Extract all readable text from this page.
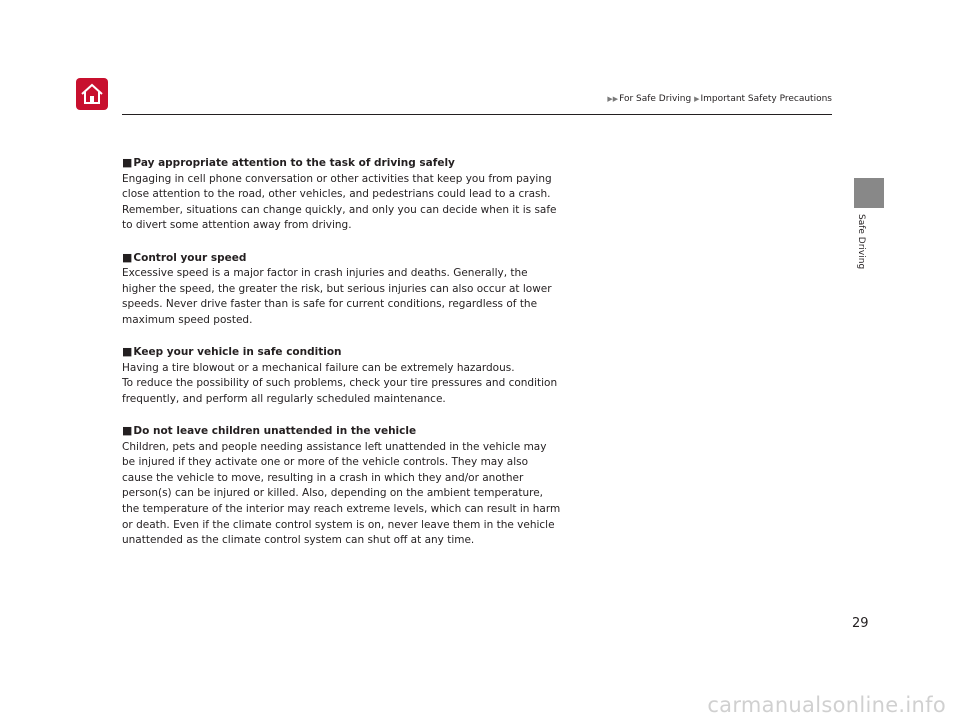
▶▶For Safe Driving ▶Important Safety Precautions
Safe Driving
■Pay appropriate attention to the task of driving safely

Engaging in cell phone conversation or other activities that keep you from paying close attention to the road, other vehicles, and pedestrians could lead to a crash. Remember, situations can change quickly, and only you can decide when it is safe to divert some attention away from driving.

■Control your speed

Excessive speed is a major factor in crash injuries and deaths. Generally, the higher the speed, the greater the risk, but serious injuries can also occur at lower speeds. Never drive faster than is safe for current conditions, regardless of the maximum speed posted.

■Keep your vehicle in safe condition

Having a tire blowout or a mechanical failure can be extremely hazardous.

To reduce the possibility of such problems, check your tire pressures and condition frequently, and perform all regularly scheduled maintenance.

■Do not leave children unattended in the vehicle

Children, pets and people needing assistance left unattended in the vehicle may be injured if they activate one or more of the vehicle controls. They may also cause the vehicle to move, resulting in a crash in which they and/or another person(s) can be injured or killed. Also, depending on the ambient temperature, the temperature of the interior may reach extreme levels, which can result in harm or death. Even if the climate control system is on, never leave them in the vehicle unattended as the climate control system can shut off at any time.

29
carmanualsonline.info
